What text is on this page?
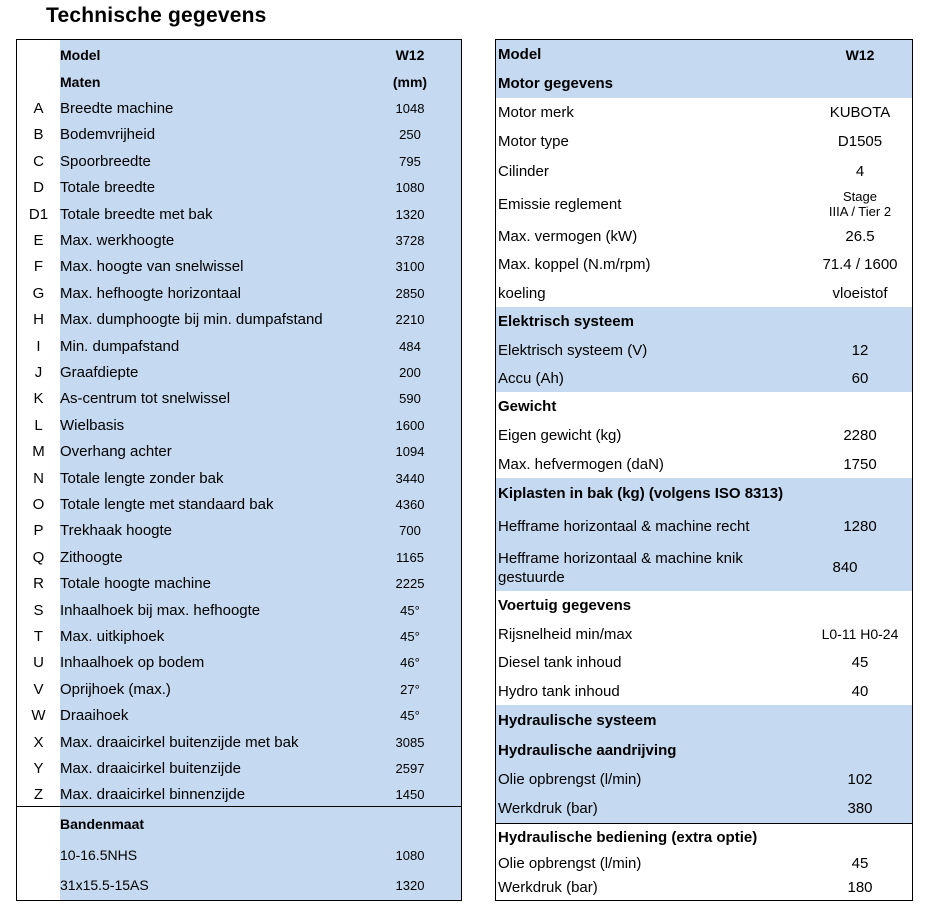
Technische gegevens
Model	W12
Maten	(mm)
A	Breedte machine	1048
B	Bodemvrijheid	250
C	Spoorbreedte	795
D	Totale breedte	1080
D1 Totale breedte met bak	1320
E	Max. werkhoogte	3728
F	Max. hoogte van snelwissel	3100
G	Max. hefhoogte horizontaal	2850
H	Max. dumphoogte bij min. dumpafstand	2210
I	Min. dumpafstand	484
J	Graafdiepte	200
K	As-centrum tot snelwissel	590
L	Wielbasis	1600
M	Overhang achter	1094
N	Totale lengte zonder bak	3440
O	Totale lengte met standaard bak	4360
P	Trekhaak hoogte	700
Q	Zithoogte	1165
R	Totale hoogte machine	2225
S	Inhaalhoek bij max. hefhoogte	45°
T	Max. uitkiphoek	45°
U	Inhaalhoek op bodem	46°
V	Oprijhoek (max.)	27°
W Draaihoek	45°
X	Max. draaicirkel buitenzijde met bak	3085
Y	Max. draaicirkel buitenzijde	2597
Z	Max. draaicirkel binnenzijde	1450
Bandenmaat
10-16.5NHS	1080
31x15.5-15AS	1320
Model	W12
Motor gegevens
Motor merk	KUBOTA
Motor type	D1505
Cilinder	4
Emissie reglement	Stage
IIIA / Tier 2
Max. vermogen (kW)	26.5
Max. koppel (N.m/rpm)	71.4 / 1600
koeling	vloeistof
Elektrisch systeem
Elektrisch systeem (V)	12
Accu (Ah)	60
Gewicht
Eigen gewicht (kg)	2280
Max. hefvermogen (daN)	1750
Kiplasten in bak (kg) (volgens ISO 8313)
Hefframe horizontaal & machine recht	1280
Hefframe horizontaal & machine knik gestuurde
840
Voertuig gegevens
Rijsnelheid min/max	L0-11 H0-24
Diesel tank inhoud	45
Hydro tank inhoud	40
Hydraulische systeem
Hydraulische aandrijving
Olie opbrengst (l/min)	102
Werkdruk (bar)	380
Hydraulische bediening (extra optie)
Olie opbrengst (l/min)	45
Werkdruk (bar)	180
